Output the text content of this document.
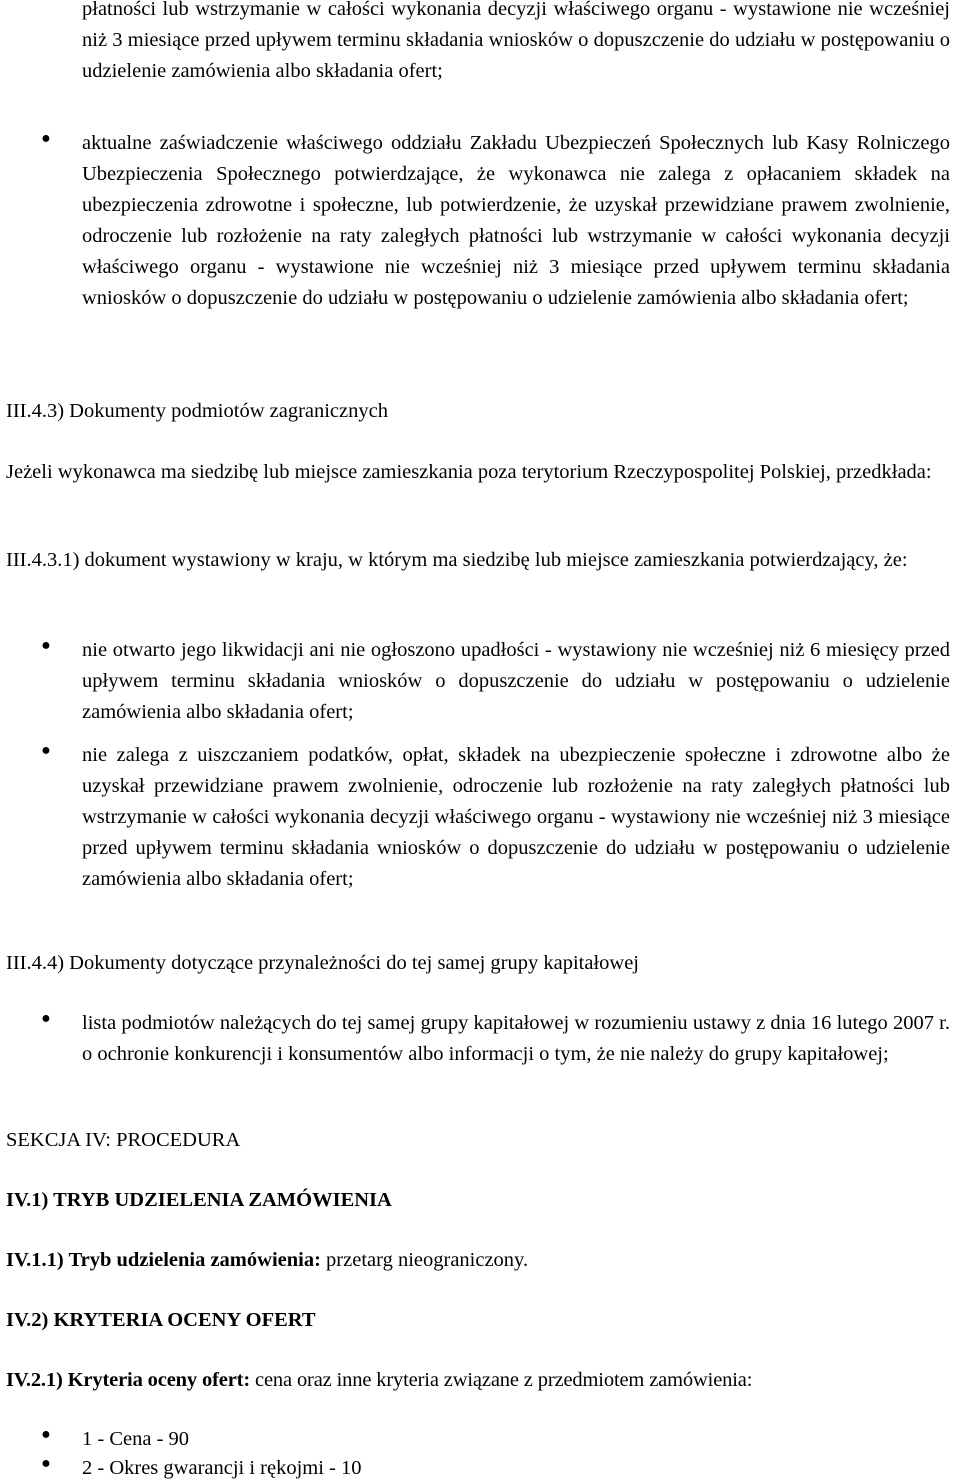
płatności lub wstrzymanie w całości wykonania decyzji właściwego organu - wystawione nie wcześniej niż 3 miesiące przed upływem terminu składania wniosków o dopuszczenie do udziału w postępowaniu o udzielenie zamówienia albo składania ofert;

●	aktualne zaświadczenie właściwego oddziału Zakładu Ubezpieczeń Społecznych lub Kasy Rolniczego Ubezpieczenia Społecznego potwierdzające, że wykonawca nie zalega z opłacaniem składek na ubezpieczenia zdrowotne i społeczne, lub potwierdzenie, że uzyskał przewidziane prawem zwolnienie, odroczenie lub rozłożenie na raty zaległych płatności lub wstrzymanie w całości wykonania decyzji właściwego organu - wystawione nie wcześniej niż 3 miesiące przed upływem terminu składania wniosków o dopuszczenie do udziału w postępowaniu o udzielenie zamówienia albo składania ofert;

III.4.3) Dokumenty podmiotów zagranicznych

Jeżeli wykonawca ma siedzibę lub miejsce zamieszkania poza terytorium Rzeczypospolitej Polskiej, przedkłada:

III.4.3.1) dokument wystawiony w kraju, w którym ma siedzibę lub miejsce zamieszkania potwierdzający, że:

●	nie otwarto jego likwidacji ani nie ogłoszono upadłości - wystawiony nie wcześniej niż 6 miesięcy przed upływem terminu składania wniosków o dopuszczenie do udziału w postępowaniu o udzielenie zamówienia albo składania ofert;

●	nie zalega z uiszczaniem podatków, opłat, składek na ubezpieczenie społeczne i zdrowotne albo że uzyskał przewidziane prawem zwolnienie, odroczenie lub rozłożenie na raty zaległych płatności lub wstrzymanie w całości wykonania decyzji właściwego organu - wystawiony nie wcześniej niż 3 miesiące przed upływem terminu składania wniosków o dopuszczenie do udziału w postępowaniu o udzielenie zamówienia albo składania ofert;

III.4.4) Dokumenty dotyczące przynależności do tej samej grupy kapitałowej

●	lista podmiotów należących do tej samej grupy kapitałowej w rozumieniu ustawy z dnia 16 lutego 2007 r. o ochronie konkurencji i konsumentów albo informacji o tym, że nie należy do grupy kapitałowej;

SEKCJA IV: PROCEDURA

IV.1) TRYB UDZIELENIA ZAMÓWIENIA

IV.1.1) Tryb udzielenia zamówienia: przetarg nieograniczony.

IV.2) KRYTERIA OCENY OFERT

IV.2.1) Kryteria oceny ofert: cena oraz inne kryteria związane z przedmiotem zamówienia:

●	1 - Cena - 90

●	2 - Okres gwarancji i rękojmi - 10
